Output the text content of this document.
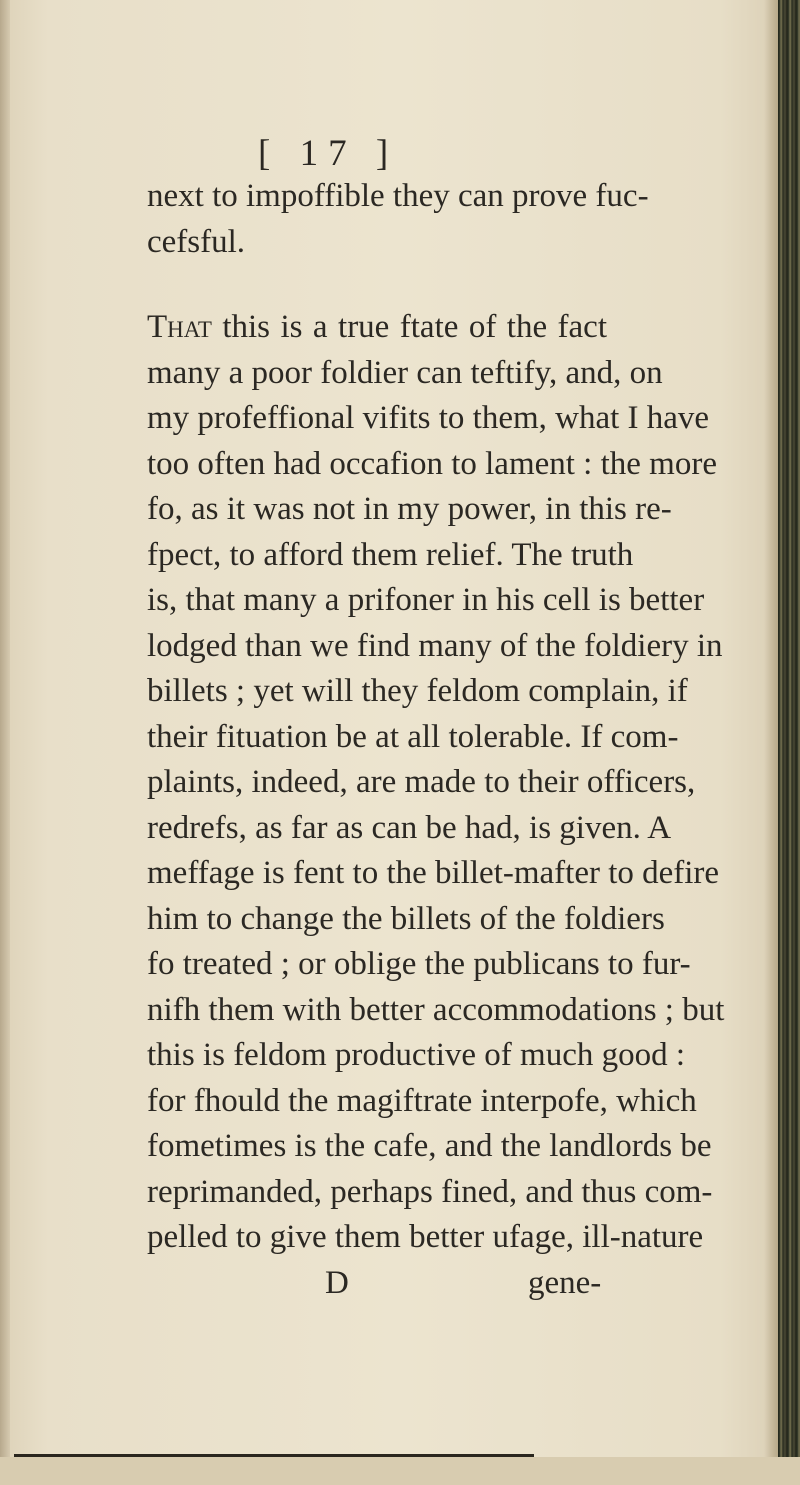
[ 17 ]
next to impoffible they can prove fuc-
cefsful.
That this is a true ftate of the fact
many a poor foldier can teftify, and, on
my profeffional vifits to them, what I have
too often had occafion to lament : the more
fo, as it was not in my power, in this re-
fpect, to afford them relief. The truth
is, that many a prifoner in his cell is better
lodged than we find many of the foldiery in
billets ; yet will they feldom complain, if
their fituation be at all tolerable. If com-
plaints, indeed, are made to their officers,
redrefs, as far as can be had, is given. A
meffage is fent to the billet-mafter to defire
him to change the billets of the foldiers
fo treated ; or oblige the publicans to fur-
nifh them with better accommodations ; but
this is feldom productive of much good :
for fhould the magiftrate interpofe, which
fometimes is the cafe, and the landlords be
reprimanded, perhaps fined, and thus com-
pelled to give them better ufage, ill-nature
D	gene-
